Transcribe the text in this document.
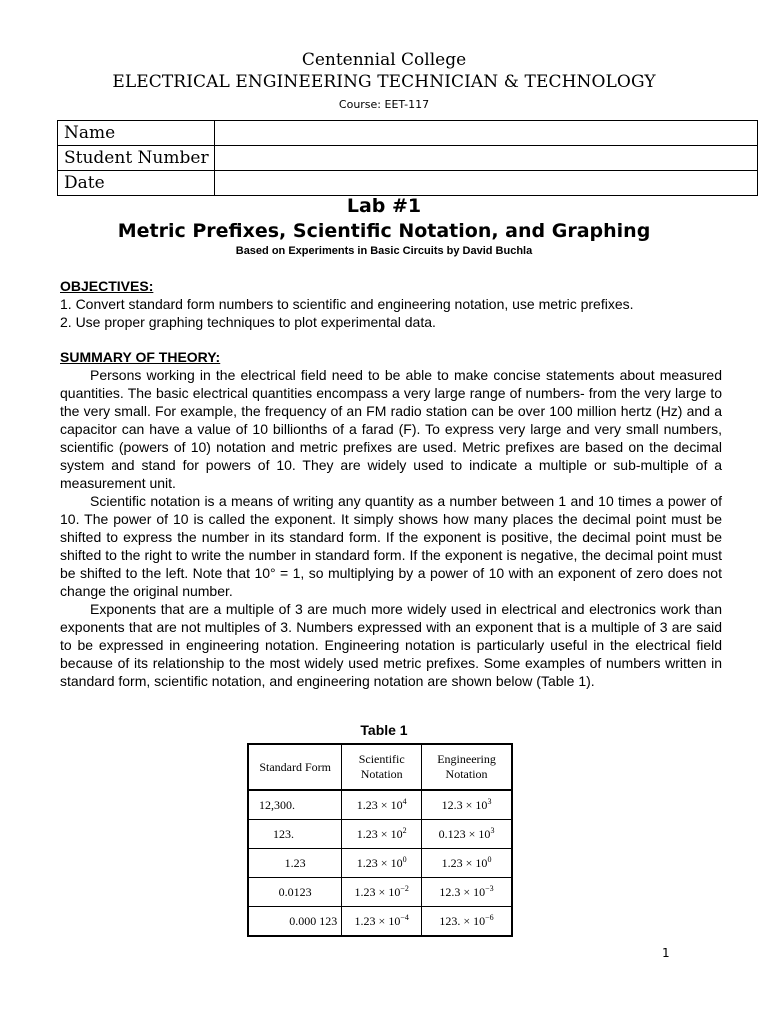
Centennial College
ELECTRICAL ENGINEERING TECHNICIAN & TECHNOLOGY
Course: EET-117
Name	
Student Number	
Date	
Lab #1
Metric Prefixes, Scientific Notation, and Graphing
Based on Experiments in Basic Circuits by David Buchla
OBJECTIVES:
1. Convert standard form numbers to scientific and engineering notation, use metric prefixes.
2. Use proper graphing techniques to plot experimental data.
SUMMARY OF THEORY:

Persons working in the electrical field need to be able to make concise statements about measured quantities. The basic electrical quantities encompass a very large range of numbers- from the very large to the very small. For example, the frequency of an FM radio station can be over 100 million hertz (Hz) and a capacitor can have a value of 10 billionths of a farad (F). To express very large and very small numbers, scientific (powers of 10) notation and metric prefixes are used. Metric prefixes are based on the decimal system and stand for powers of 10. They are widely used to indicate a multiple or sub-multiple of a measurement unit.

Scientific notation is a means of writing any quantity as a number between 1 and 10 times a power of 10. The power of 10 is called the exponent. It simply shows how many places the decimal point must be shifted to express the number in its standard form. If the exponent is positive, the decimal point must be shifted to the right to write the number in standard form. If the exponent is negative, the decimal point must be shifted to the left. Note that 10° = 1, so multiplying by a power of 10 with an exponent of zero does not change the original number.

Exponents that are a multiple of 3 are much more widely used in electrical and electronics work than exponents that are not multiples of 3. Numbers expressed with an exponent that is a multiple of 3 are said to be expressed in engineering notation. Engineering notation is particularly useful in the electrical field because of its relationship to the most widely used metric prefixes. Some examples of numbers written in standard form, scientific notation, and engineering notation are shown below (Table 1).

Table 1
Standard Form	Scientific Notation	Engineering Notation
12,300.	$1.23 \times 10^4$	$12.3 \times 10^3$
123.	$1.23 \times 10^2$	$0.123 \times 10^3$
1.23	$1.23 \times 10^0$	$1.23 \times 10^0$
0.0123	$1.23 \times 10^{-2}$	$12.3 \times 10^{-3}$
0.000 123	$1.23 \times 10^{-4}$	123. × $10^{-6}$
1
